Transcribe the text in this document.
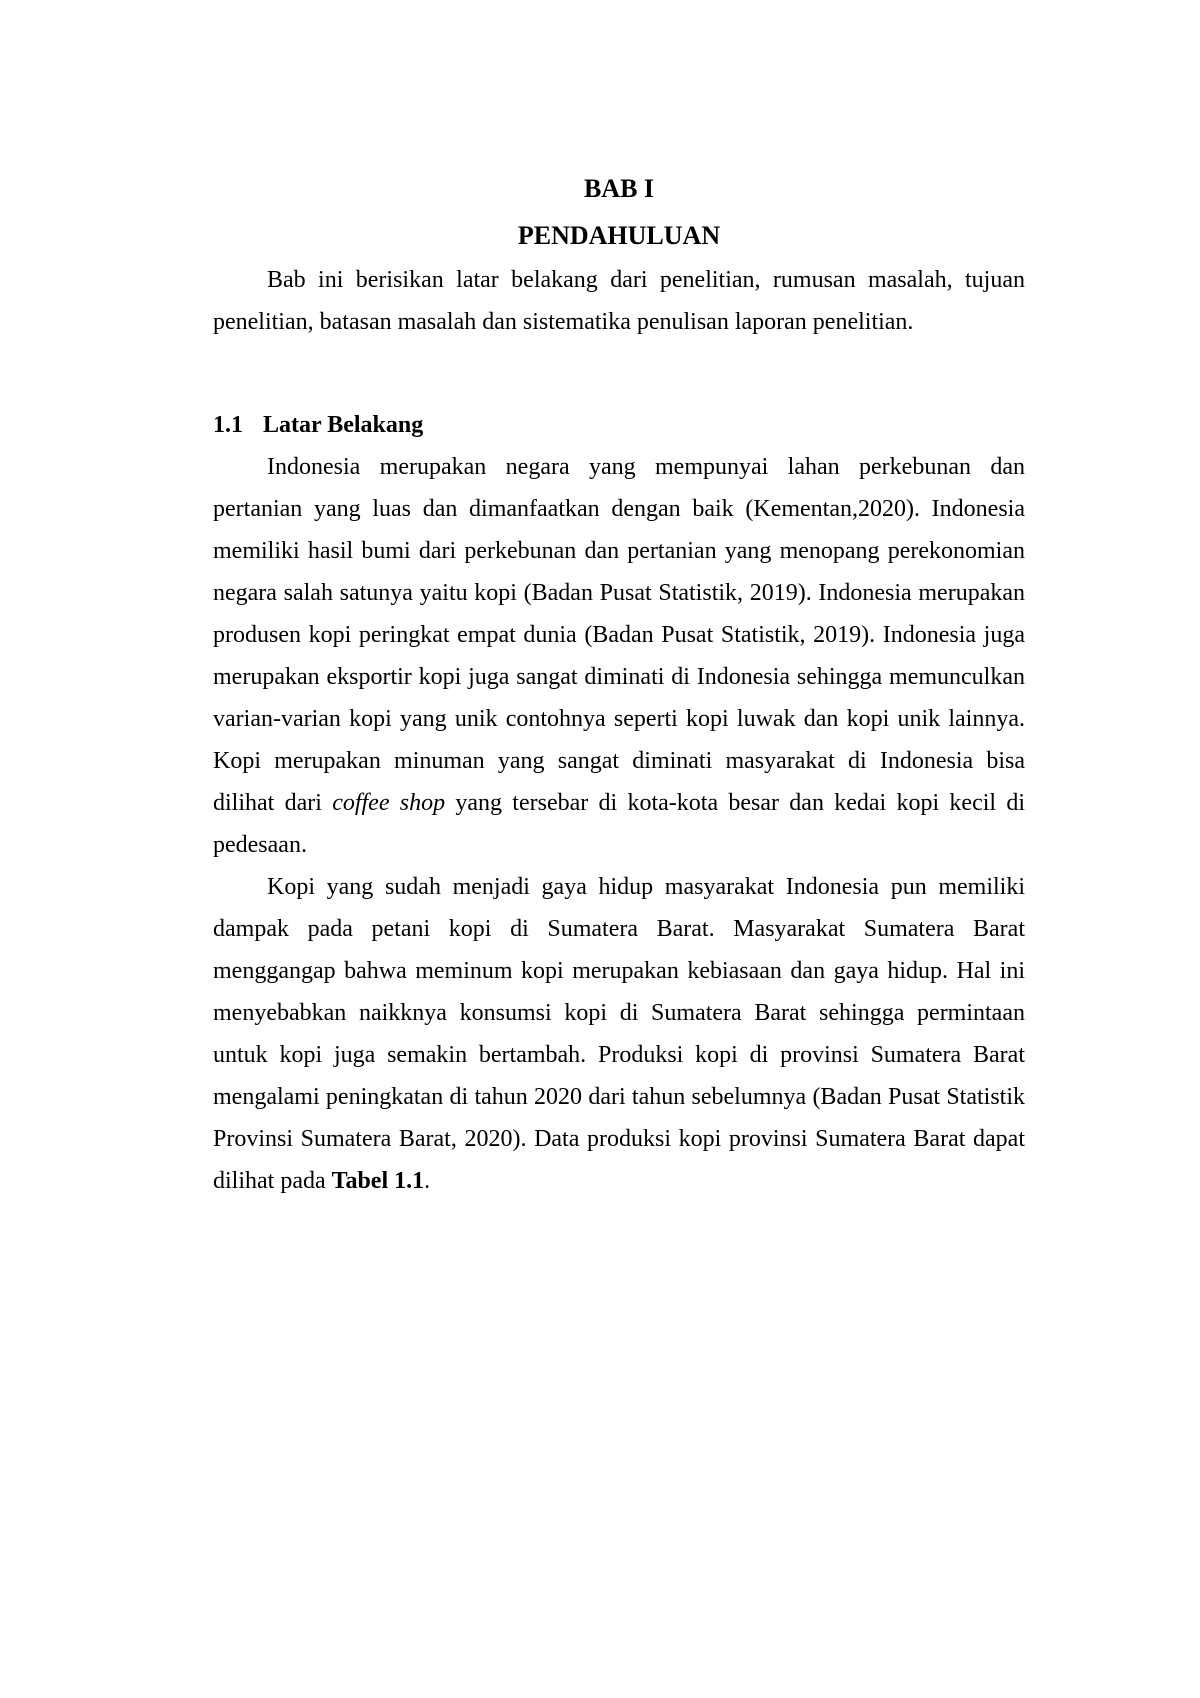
BAB I
PENDAHULUAN

Bab ini berisikan latar belakang dari penelitian, rumusan masalah, tujuan penelitian, batasan masalah dan sistematika penulisan laporan penelitian.

1.1 Latar Belakang

Indonesia merupakan negara yang mempunyai lahan perkebunan dan pertanian yang luas dan dimanfaatkan dengan baik (Kementan,2020). Indonesia memiliki hasil bumi dari perkebunan dan pertanian yang menopang perekonomian negara salah satunya yaitu kopi (Badan Pusat Statistik, 2019). Indonesia merupakan produsen kopi peringkat empat dunia (Badan Pusat Statistik, 2019). Indonesia juga merupakan eksportir kopi juga sangat diminati di Indonesia sehingga memunculkan varian-varian kopi yang unik contohnya seperti kopi luwak dan kopi unik lainnya. Kopi merupakan minuman yang sangat diminati masyarakat di Indonesia bisa dilihat dari coffee shop yang tersebar di kota-kota besar dan kedai kopi kecil di pedesaan.

Kopi yang sudah menjadi gaya hidup masyarakat Indonesia pun memiliki dampak pada petani kopi di Sumatera Barat. Masyarakat Sumatera Barat menggangap bahwa meminum kopi merupakan kebiasaan dan gaya hidup. Hal ini menyebabkan naikknya konsumsi kopi di Sumatera Barat sehingga permintaan untuk kopi juga semakin bertambah. Produksi kopi di provinsi Sumatera Barat mengalami peningkatan di tahun 2020 dari tahun sebelumnya (Badan Pusat Statistik Provinsi Sumatera Barat, 2020). Data produksi kopi provinsi Sumatera Barat dapat dilihat pada Tabel 1.1.
